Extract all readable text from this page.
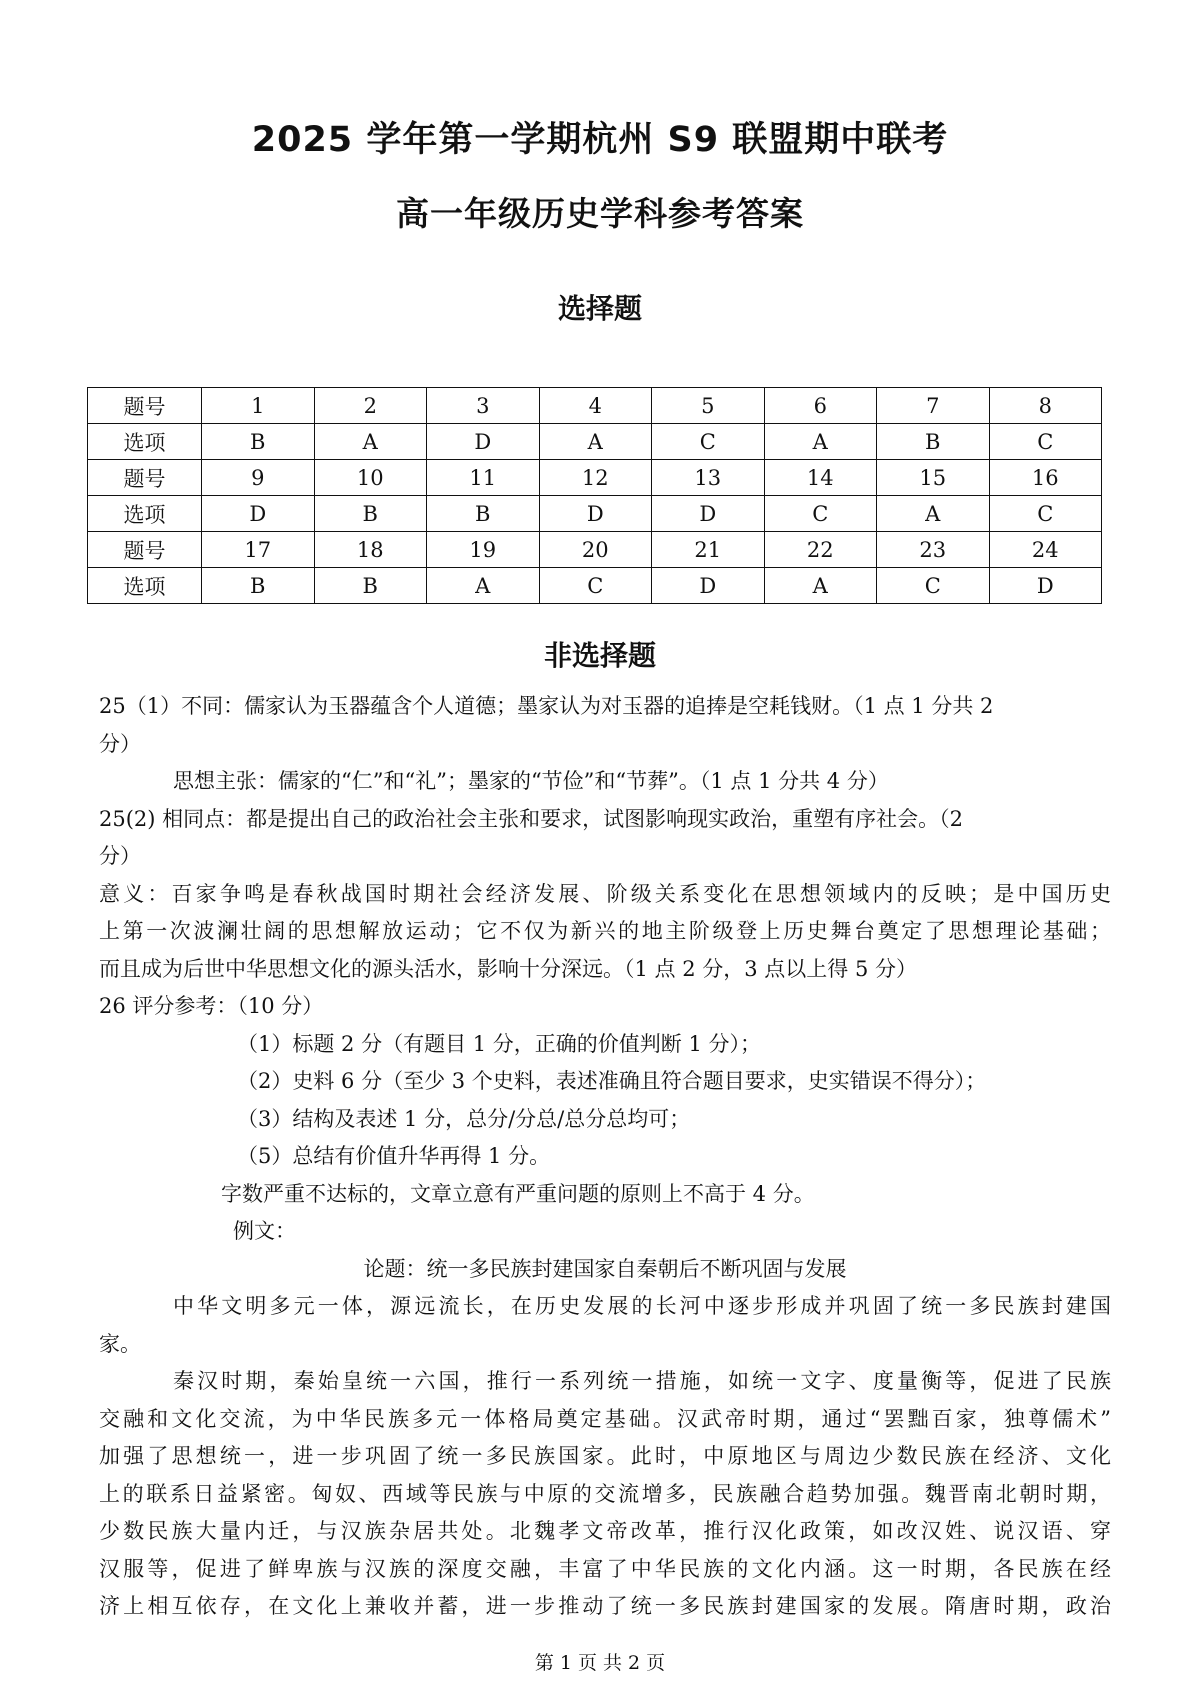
2025 学年第一学期杭州 S9 联盟期中联考
高一年级历史学科参考答案
选择题
题号	1	2	3	4	5	6	7	8
选项	B	A	D	A	C	A	B	C
题号	9	10	11	12	13	14	15	16
选项	D	B	B	D	D	C	A	C
题号	17	18	19	20	21	22	23	24
选项	B	B	A	C	D	A	C	D
非选择题

25（1）不同：儒家认为玉器蕴含个人道德；墨家认为对玉器的追捧是空耗钱财。（1 点 1 分共 2

分）

思想主张：儒家的“仁”和“礼”；墨家的“节俭”和“节葬”。（1 点 1 分共 4 分）

25(2) 相同点：都是提出自己的政治社会主张和要求，试图影响现实政治，重塑有序社会。（2

分）

意义：百家争鸣是春秋战国时期社会经济发展、阶级关系变化在思想领域内的反映；是中国历史

上第一次波澜壮阔的思想解放运动；它不仅为新兴的地主阶级登上历史舞台奠定了思想理论基础；

而且成为后世中华思想文化的源头活水，影响十分深远。（1 点 2 分，3 点以上得 5 分）

26 评分参考：（10 分）

（1）标题 2 分（有题目 1 分，正确的价值判断 1 分）；

（2）史料 6 分（至少 3 个史料，表述准确且符合题目要求，史实错误不得分）；

（3）结构及表述 1 分，总分/分总/总分总均可；

（5）总结有价值升华再得 1 分。

字数严重不达标的，文章立意有严重问题的原则上不高于 4 分。

例文：

论题：统一多民族封建国家自秦朝后不断巩固与发展

中华文明多元一体，源远流长，在历史发展的长河中逐步形成并巩固了统一多民族封建国

家。

秦汉时期，秦始皇统一六国，推行一系列统一措施，如统一文字、度量衡等，促进了民族

交融和文化交流，为中华民族多元一体格局奠定基础。汉武帝时期，通过“罢黜百家，独尊儒术”

加强了思想统一，进一步巩固了统一多民族国家。此时，中原地区与周边少数民族在经济、文化

上的联系日益紧密。匈奴、西域等民族与中原的交流增多，民族融合趋势加强。魏晋南北朝时期，

少数民族大量内迁，与汉族杂居共处。北魏孝文帝改革，推行汉化政策，如改汉姓、说汉语、穿

汉服等，促进了鲜卑族与汉族的深度交融，丰富了中华民族的文化内涵。这一时期，各民族在经

济上相互依存，在文化上兼收并蓄，进一步推动了统一多民族封建国家的发展。隋唐时期，政治

第 1 页 共 2 页
